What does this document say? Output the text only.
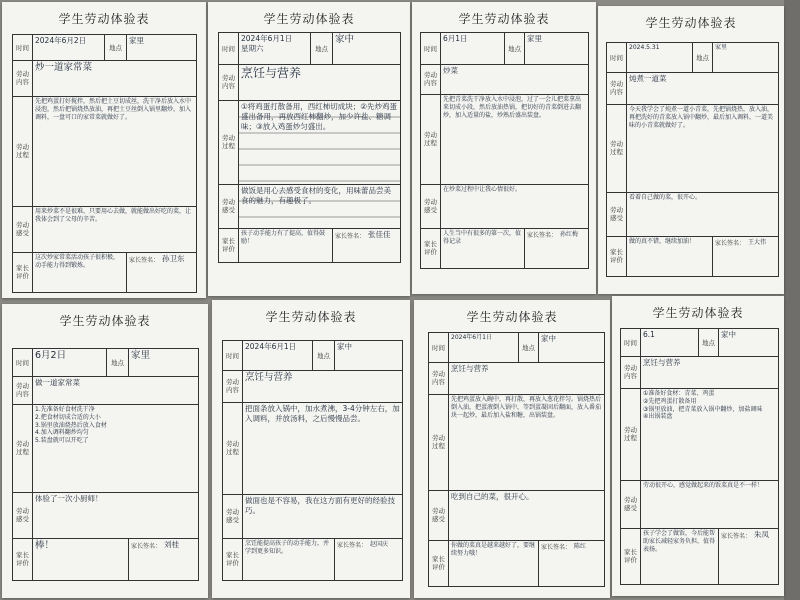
学生劳动体验表
时间	2024年6月2日	地点	家里

劳动
内容	炒一道家常菜		

劳动
过程	先把鸡蛋打好搅拌，然后把土豆切成丝，洗干净后放入水中浸泡，然后把锅烧热放油，再把土豆丝倒入锅里翻炒，加入调料，一盘可口的家常菜就做好了。		

劳动
感受	用来炒菜不是很难，只要用心去做，就能做出好吃的菜，让我体会到了父母的辛苦。		

家长
评价	这次炒家常菜活动孩子很积极，动手能力得到锻炼。		家长签名： 孙卫东
学生劳动体验表
时间	2024年6月1日
星期六	地点	家中

劳动
内容	烹饪与营养		

劳动
过程	①将鸡蛋打散备用，西红柿切成块；②先炒鸡蛋盛出备用，再放西红柿翻炒，加少许盐、糖调味；③放入鸡蛋炒匀盛出。		

劳动
感受	做饭是用心去感受食材的变化，用味蕾品尝美食的魅力，有趣极了。		

家长
评价	孩子动手能力有了提高，值得鼓励！		家长签名： 张佳佳
学生劳动体验表
时间	6月1日	地点	家里

劳动
内容	炒菜		

劳动
过程	先把青菜洗干净放入水中浸泡，过了一会儿把菜拿出来切成小段，然后放油热锅，把切好的青菜倒进去翻炒，加入适量的盐，炒熟后盛出装盘。		

劳动
感受	在炒菜过程中让我心情很好。		

家长
评价	人生当中有很多的第一次，值得记录		家长签名： 孙红梅
学生劳动体验表
时间	2024.5.31	地点	家里

劳动
内容	炖煮一道菜		

劳动
过程	今天我学会了炖煮一道小青菜，先把锅烧热，放入油，再把洗好的青菜放入锅中翻炒，最后加入调料，一道美味的小青菜就做好了。		

劳动
感受	看着自己做的菜，很开心。		

家长
评价	做的真不错，继续加油！		家长签名： 王大伟
学生劳动体验表
时间	6月2日	地点	家里

劳动
内容	做一道家常菜		

劳动
过程	1.先准备好食材洗干净
2.把食材切成合适的大小
3.锅里放油烧热后放入食材
4.加入调料翻炒均匀
5.装盘就可以开吃了		

劳动
感受	体验了一次小厨师！		

家长
评价	棒！		家长签名： 刘桂
学生劳动体验表
时间	2024年6月1日	地点	家中

劳动
内容	烹饪与营养		

劳动
过程	把面条放入锅中，加水煮沸，3-4分钟左右，加入调料，并放汤料，之后慢慢品尝。		

劳动
感受	做面也是不容易，我在这方面有更好的经验技巧。		

家长
评价	烹饪能提高孩子的动手能力，并学到更多知识。		家长签名： 赵国庆
学生劳动体验表
时间	2024年6月1日	地点	家中

劳动
内容	烹饪与营养		

劳动
过程	先把鸡蛋放入碗中，再打散，再放入葱花拌匀。锅烧热后倒入油，把蛋液倒入锅中，等到蛋凝固后翻面，放入番茄块一起炒，最后加入盐和糖，出锅装盘。		

劳动
感受	吃到自己的菜，很开心。		

家长
评价	你做的菜真是越来越好了，要继续努力哦！		家长签名： 陈红
学生劳动体验表
时间	6.1	地点	家中

劳动
内容	烹饪与营养		

劳动
过程	①准备好食材：青菜、鸡蛋
②先把鸡蛋打散备用
③锅里放油，把青菜放入锅中翻炒，加盐调味
④出锅装盘		

劳动
感受	劳动很开心，感觉做起来的饭菜真是不一样！		

家长
评价	孩子学会了做饭，今后能帮助家长减轻家务负担，值得表扬。		家长签名： 朱凤
